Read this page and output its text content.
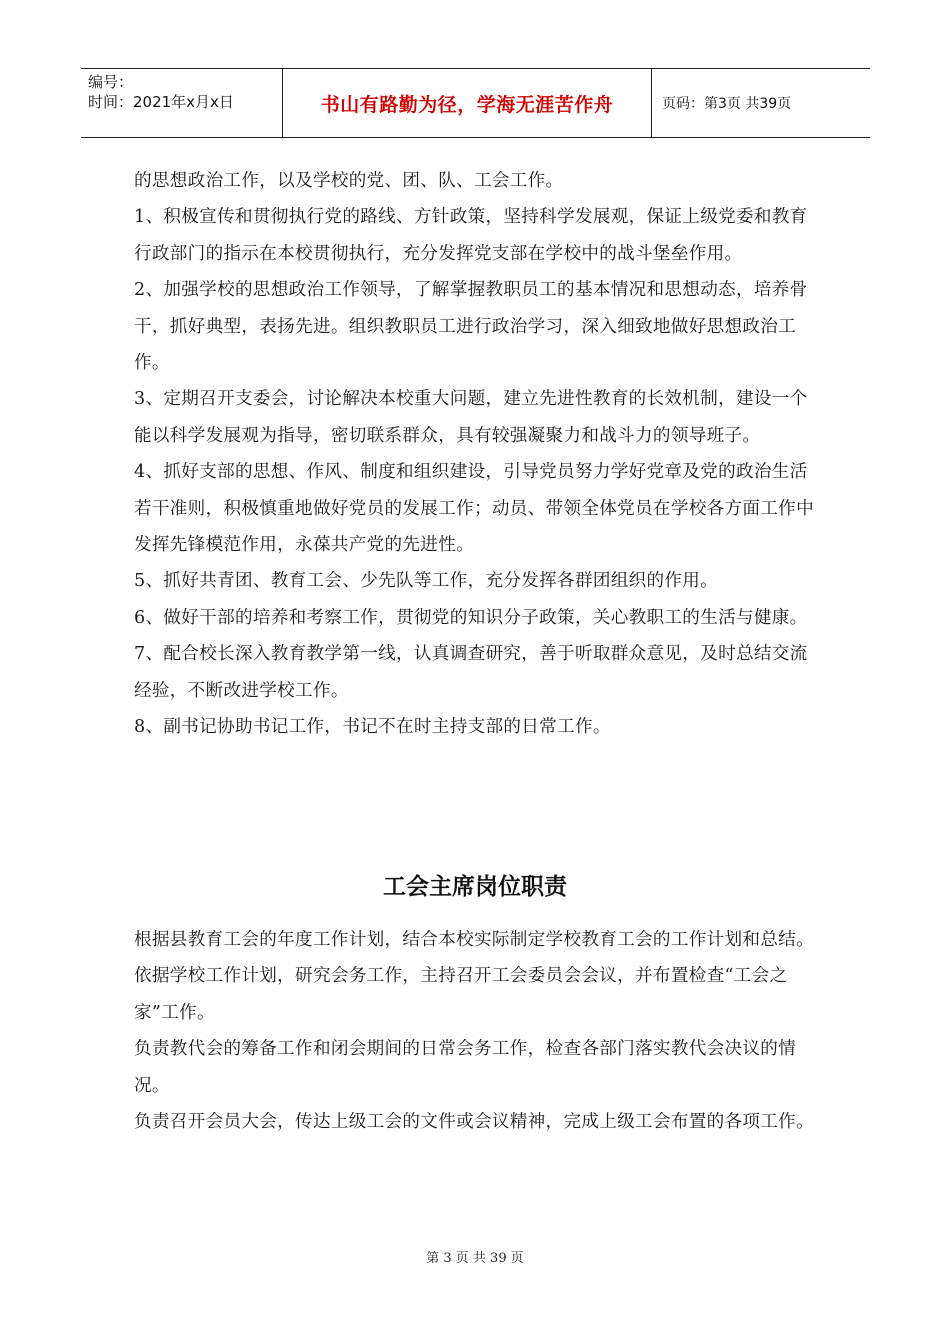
编号：
时间：2021年x月x日	书山有路勤为径，学海无涯苦作舟	页码：第3页 共39页

的思想政治工作，以及学校的党、团、队、工会工作。

1、积极宣传和贯彻执行党的路线、方针政策，坚持科学发展观，保证上级党委和教育行政部门的指示在本校贯彻执行，充分发挥党支部在学校中的战斗堡垒作用。

2、加强学校的思想政治工作领导，了解掌握教职员工的基本情况和思想动态，培养骨干，抓好典型，表扬先进。组织教职员工进行政治学习，深入细致地做好思想政治工作。

3、定期召开支委会，讨论解决本校重大问题，建立先进性教育的长效机制，建设一个能以科学发展观为指导，密切联系群众，具有较强凝聚力和战斗力的领导班子。

4、抓好支部的思想、作风、制度和组织建设，引导党员努力学好党章及党的政治生活若干准则，积极慎重地做好党员的发展工作；动员、带领全体党员在学校各方面工作中发挥先锋模范作用，永葆共产党的先进性。

5、抓好共青团、教育工会、少先队等工作，充分发挥各群团组织的作用。

6、做好干部的培养和考察工作，贯彻党的知识分子政策，关心教职工的生活与健康。

7、配合校长深入教育教学第一线，认真调查研究，善于听取群众意见，及时总结交流经验，不断改进学校工作。

8、副书记协助书记工作，书记不在时主持支部的日常工作。

工会主席岗位职责

根据县教育工会的年度工作计划，结合本校实际制定学校教育工会的工作计划和总结。

依据学校工作计划，研究会务工作，主持召开工会委员会会议，并布置检查“工会之家”工作。

负责教代会的筹备工作和闭会期间的日常会务工作，检查各部门落实教代会决议的情况。

负责召开会员大会，传达上级工会的文件或会议精神，完成上级工会布置的各项工作。

第 3 页 共 39 页
